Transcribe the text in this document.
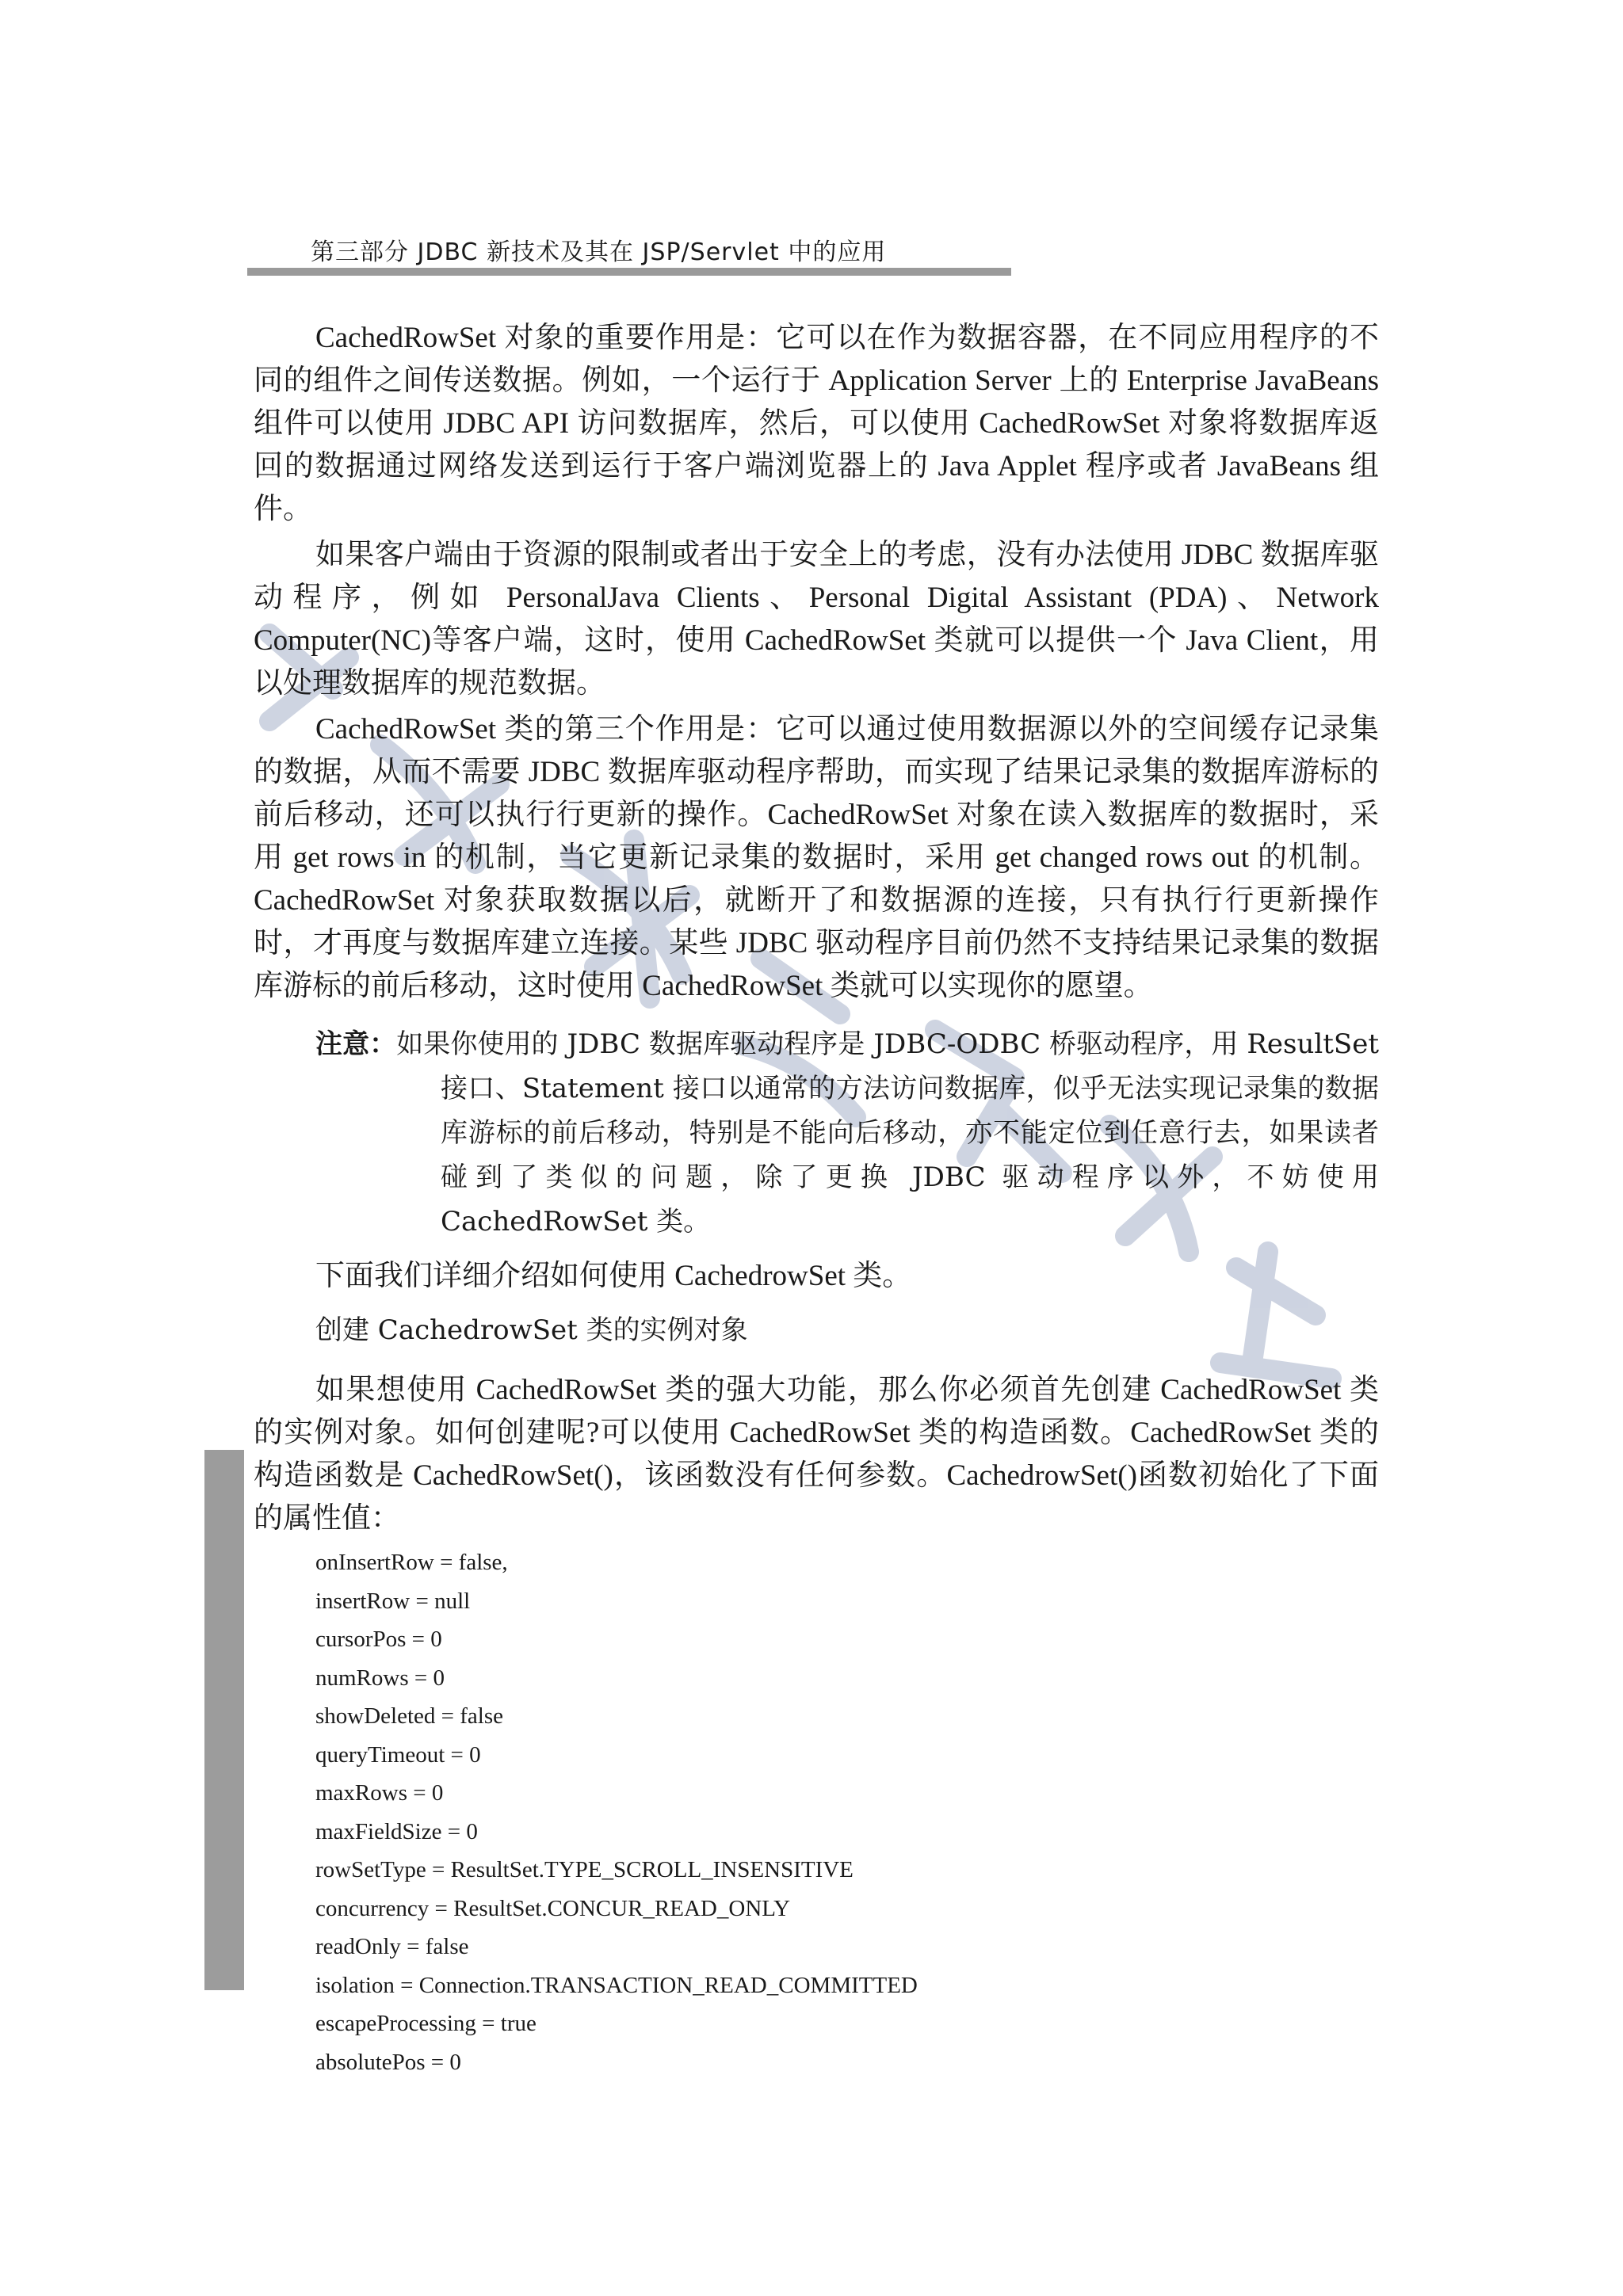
第三部分 JDBC 新技术及其在 JSP/Servlet 中的应用

CachedRowSet 对象的重要作用是：它可以在作为数据容器，在不同应用程序的不同的组件之间传送数据。例如，一个运行于 Application Server 上的 Enterprise JavaBeans 组件可以使用 JDBC API 访问数据库，然后，可以使用 CachedRowSet 对象将数据库返回的数据通过网络发送到运行于客户端浏览器上的 Java Applet 程序或者 JavaBeans 组件。

如果客户端由于资源的限制或者出于安全上的考虑，没有办法使用 JDBC 数据库驱动程序，例如 PersonalJava Clients、Personal Digital Assistant (PDA)、Network Computer(NC)等客户端，这时，使用 CachedRowSet 类就可以提供一个 Java Client，用以处理数据库的规范数据。

CachedRowSet 类的第三个作用是：它可以通过使用数据源以外的空间缓存记录集的数据，从而不需要 JDBC 数据库驱动程序帮助，而实现了结果记录集的数据库游标的前后移动，还可以执行行更新的操作。CachedRowSet 对象在读入数据库的数据时，采用 get rows in 的机制，当它更新记录集的数据时，采用 get changed rows out 的机制。CachedRowSet 对象获取数据以后，就断开了和数据源的连接，只有执行行更新操作时，才再度与数据库建立连接。某些 JDBC 驱动程序目前仍然不支持结果记录集的数据库游标的前后移动，这时使用 CachedRowSet 类就可以实现你的愿望。

注意：如果你使用的 JDBC 数据库驱动程序是 JDBC-ODBC 桥驱动程序，用 ResultSet 接口、Statement 接口以通常的方法访问数据库，似乎无法实现记录集的数据库游标的前后移动，特别是不能向后移动，亦不能定位到任意行去，如果读者碰到了类似的问题，除了更换 JDBC 驱动程序以外，不妨使用 CachedRowSet 类。

下面我们详细介绍如何使用 CachedrowSet 类。

创建 CachedrowSet 类的实例对象

如果想使用 CachedRowSet 类的强大功能，那么你必须首先创建 CachedRowSet 类的实例对象。如何创建呢?可以使用 CachedRowSet 类的构造函数。CachedRowSet 类的构造函数是 CachedRowSet()，该函数没有任何参数。CachedrowSet()函数初始化了下面的属性值：

onInsertRow = false,
insertRow = null
cursorPos = 0
numRows = 0
showDeleted = false
queryTimeout = 0
maxRows = 0
maxFieldSize = 0
rowSetType = ResultSet.TYPE_SCROLL_INSENSITIVE
concurrency = ResultSet.CONCUR_READ_ONLY
readOnly = false
isolation = Connection.TRANSACTION_READ_COMMITTED
escapeProcessing = true
absolutePos = 0
